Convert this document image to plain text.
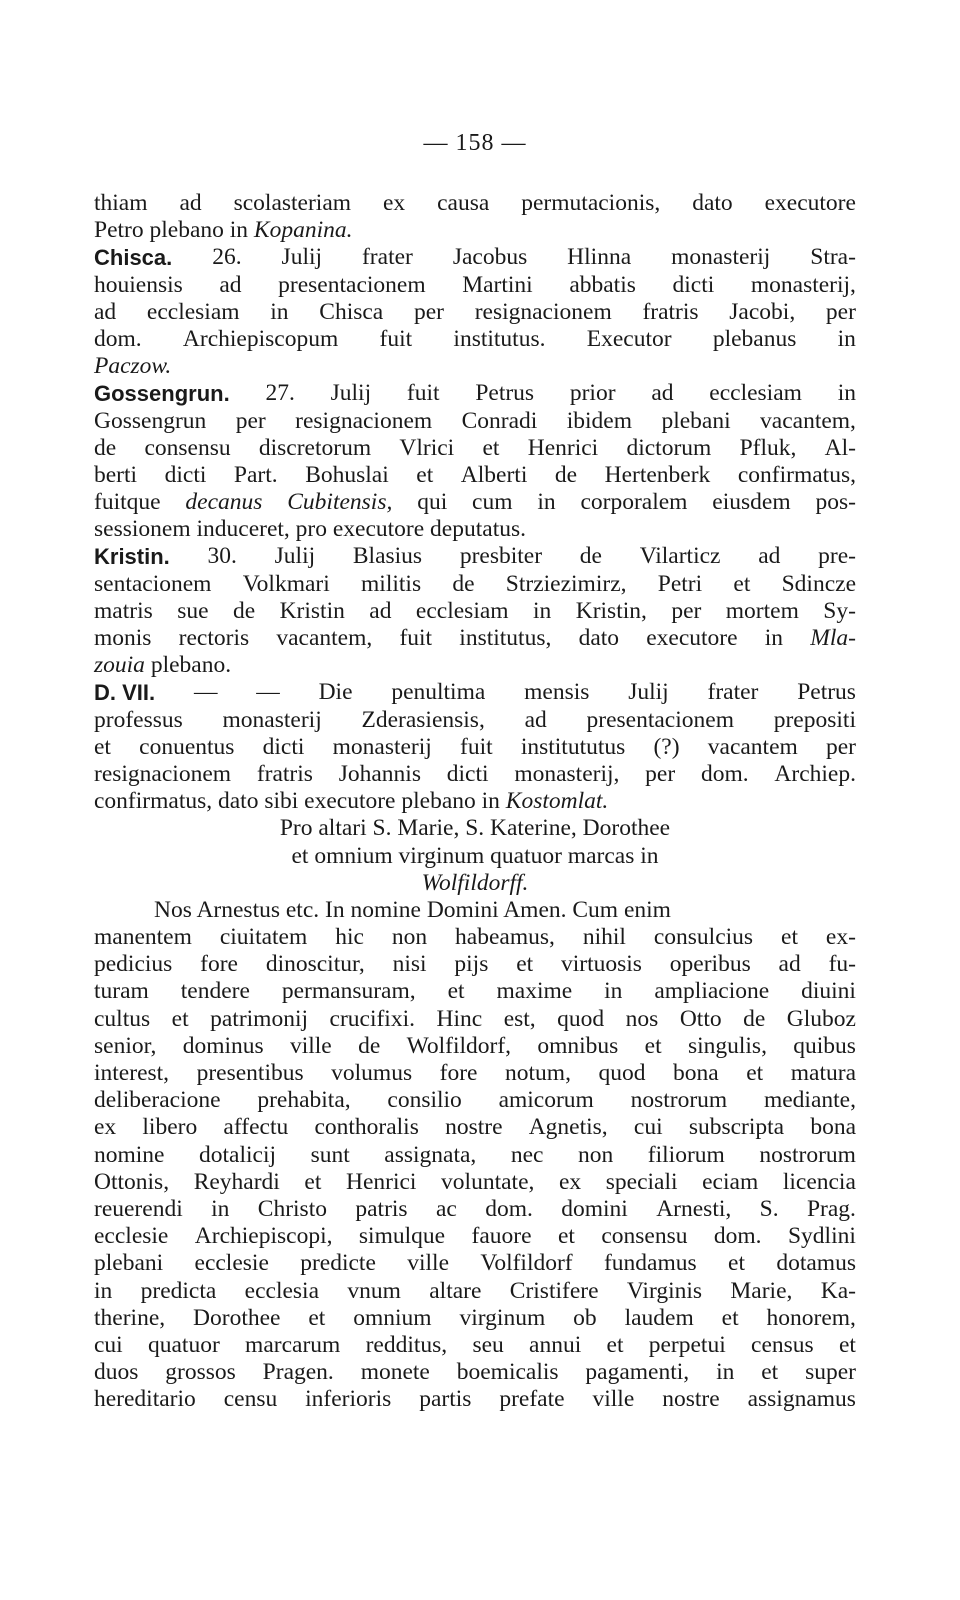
— 158 —
thiam ad scolasteriam ex causa permutacionis, dato executore
Petro plebano in Kopanina.
Chisca. 26. Julij frater Jacobus Hlinna monasterij Stra-
houiensis ad presentacionem Martini abbatis dicti monasterij,
ad ecclesiam in Chisca per resignacionem fratris Jacobi, per
dom. Archiepiscopum fuit institutus. Executor plebanus in
Paczow.
Gossengrun. 27. Julij fuit Petrus prior ad ecclesiam in
Gossengrun per resignacionem Conradi ibidem plebani vacantem,
de consensu discretorum Vlrici et Henrici dictorum Pfluk, Al-
berti dicti Part. Bohuslai et Alberti de Hertenberk confirmatus,
fuitque decanus Cubitensis, qui cum in corporalem eiusdem pos-
sessionem induceret, pro executore deputatus.
Kristin. 30. Julij Blasius presbiter de Vilarticz ad pre-
sentacionem Volkmari militis de Strziezimirz, Petri et Sdincze
matris sue de Kristin ad ecclesiam in Kristin, per mortem Sy-
monis rectoris vacantem, fuit institutus, dato executore in Mla-
zouia plebano.
D. VII. — — Die penultima mensis Julij frater Petrus
professus monasterij Zderasiensis, ad presentacionem prepositi
et conuentus dicti monasterij fuit institututus (?) vacantem per
resignacionem fratris Johannis dicti monasterij, per dom. Archiep.
confirmatus, dato sibi executore plebano in Kostomlat.
Pro altari S. Marie, S. Katerine, Dorothee
et omnium virginum quatuor marcas in
Wolfildorff.
Nos Arnestus etc. In nomine Domini Amen. Cum enim
manentem ciuitatem hic non habeamus, nihil consulcius et ex-
pedicius fore dinoscitur, nisi pijs et virtuosis operibus ad fu-
turam tendere permansuram, et maxime in ampliacione diuini
cultus et patrimonij crucifixi. Hinc est, quod nos Otto de Gluboz
senior, dominus ville de Wolfildorf, omnibus et singulis, quibus
interest, presentibus volumus fore notum, quod bona et matura
deliberacione prehabita, consilio amicorum nostrorum mediante,
ex libero affectu conthoralis nostre Agnetis, cui subscripta bona
nomine dotalicij sunt assignata, nec non filiorum nostrorum
Ottonis, Reyhardi et Henrici voluntate, ex speciali eciam licencia
reuerendi in Christo patris ac dom. domini Arnesti, S. Prag.
ecclesie Archiepiscopi, simulque fauore et consensu dom. Sydlini
plebani ecclesie predicte ville Volfildorf fundamus et dotamus
in predicta ecclesia vnum altare Cristifere Virginis Marie, Ka-
therine, Dorothee et omnium virginum ob laudem et honorem,
cui quatuor marcarum redditus, seu annui et perpetui census et
duos grossos Pragen. monete boemicalis pagamenti, in et super
hereditario censu inferioris partis prefate ville nostre assignamus
